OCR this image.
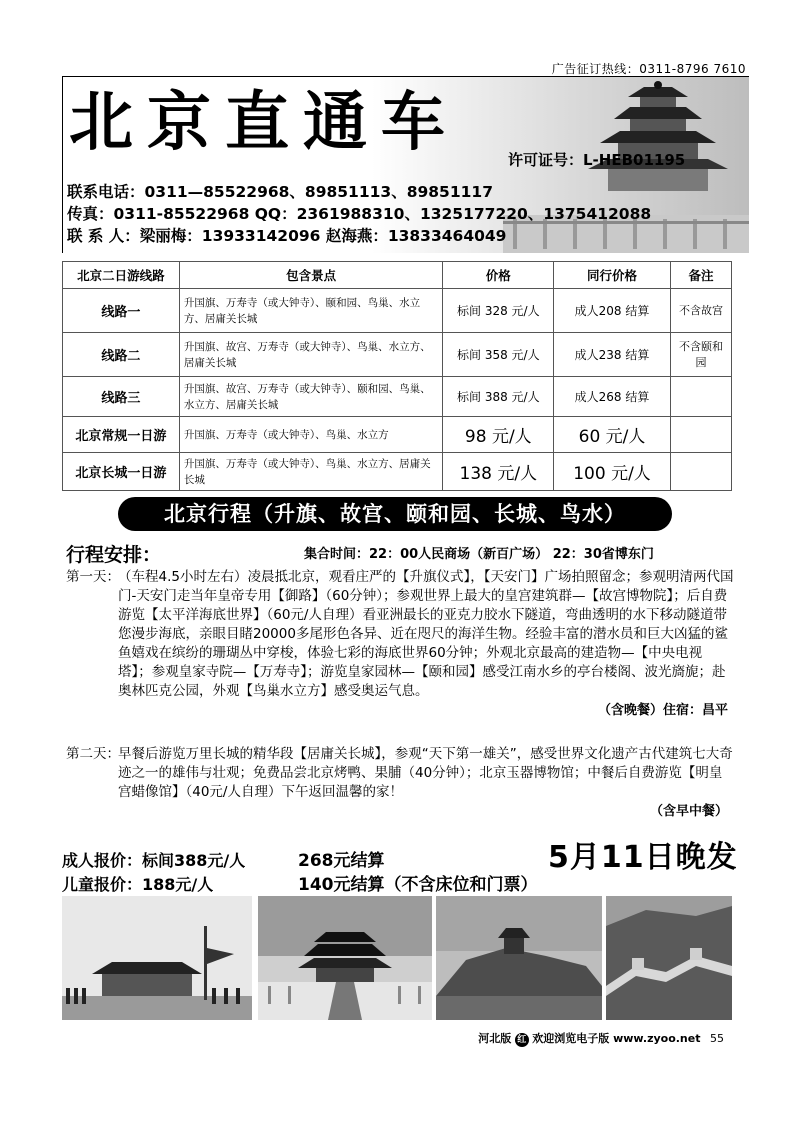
广告征订热线：0311-8796 7610
北京直通车	许可证号：L-HEB01195
联系电话：0311—85522968、89851113、89851117
传真：0311-85522968 QQ：2361988310、1325177220、1375412088
联 系 人：梁丽梅：13933142096 赵海燕：13833464049
北京二日游线路	包含景点	价格	同行价格	备注
线路一	升国旗、万寿寺（或大钟寺）、颐和园、鸟巢、水立方、居庸关长城	标间 328 元/人	成人208 结算	不含故宫
线路二	升国旗、故宫、万寿寺（或大钟寺）、鸟巢、水立方、居庸关长城	标间 358 元/人	成人238 结算	不含颐和园
线路三	升国旗、故宫、万寿寺（或大钟寺）、颐和园、鸟巢、水立方、居庸关长城	标间 388 元/人	成人268 结算	
北京常规一日游	升国旗、万寿寺（或大钟寺）、鸟巢、水立方	98 元/人	60 元/人	
北京长城一日游	升国旗、万寿寺（或大钟寺）、鸟巢、水立方、居庸关长城	138 元/人	100 元/人	
北京行程（升旗、故宫、颐和园、长城、鸟水）
行程安排：	集合时间：22：00人民商场（新百广场） 22：30省博东门
第一天：
（车程4.5小时左右）凌晨抵北京，观看庄严的【升旗仪式】，【天安门】广场拍照留念；参观明清两代国门-天安门走当年皇帝专用【御路】（60分钟）；参观世界上最大的皇宫建筑群—【故宫博物院】；后自费游览【太平洋海底世界】（60元/人自理）看亚洲最长的亚克力胶水下隧道，弯曲透明的水下移动隧道带您漫步海底，亲眼目睹20000多尾形色各异、近在咫尺的海洋生物。经验丰富的潜水员和巨大凶猛的鲨鱼嬉戏在缤纷的珊瑚丛中穿梭，体验七彩的海底世界60分钟；外观北京最高的建造物—【中央电视塔】；参观皇家寺院—【万寿寺】；游览皇家园林—【颐和园】感受江南水乡的亭台楼阁、波光旖旎；赴奥林匹克公园，外观【鸟巢水立方】感受奥运气息。
（含晚餐）住宿：昌平
第二天：
早餐后游览万里长城的精华段【居庸关长城】，参观“天下第一雄关”，感受世界文化遗产古代建筑七大奇迹之一的雄伟与壮观；免费品尝北京烤鸭、果脯（40分钟）；北京玉器博物馆；中餐后自费游览【明皇宫蜡像馆】（40元/人自理）下午返回温馨的家！
（含早中餐）
成人报价：标间388元/人	268元结算
儿童报价：188元/人	140元结算（不含床位和门票）
5月11日晚发
河北版 红 欢迎浏览电子版 www.zyoo.net 55
